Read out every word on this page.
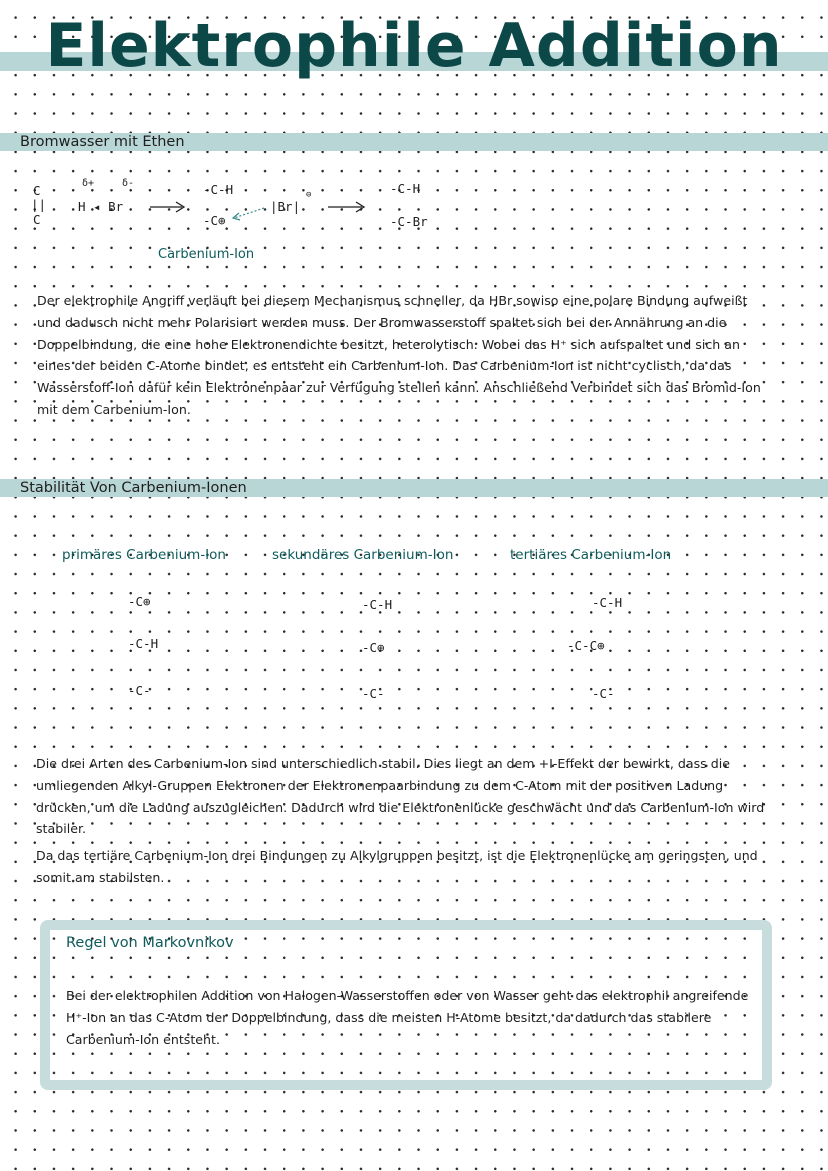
Elektrophile Addition
Bromwasser mit Ethen
C
||
C
δ+	δ-
H ◂ Br
-C-H
-C⊕
|Br|
⊖	-C-H
-C-Br
Carbenium-Ion

Der elektrophile Angriff verläuft bei diesem Mechanismus schneller, da HBr sowiso eine polare Bindung aufweißt und dadusch nicht mehr Polarisiert werden muss. Der Bromwasserstoff spaltet sich bei der Annährung an die Doppelbindung, die eine hohe Elektronendichte besitzt, heterolytisch. Wobei das H⁺ sich aufspaltet und sich an eines der beiden C-Atome bindet, es entsteht ein Carbenium-Ion. Das Carbenium-Ion ist nicht cyclisch, da das Wasserstoff-Ion dafür kein Elektronenpaar zur Verfügung stellen kann. Anschließend Verbindet sich das Bromid-Ion mit dem Carbenium-Ion.

Stabilität Von Carbenium-Ionen
primäres Carbenium-Ion	sekundäres Carbenium-Ion	tertiäres Carbenium-Ion
-C⊕
-C-H
-C-
-C-H
-C⊕
-C-
-C-H
-C-C⊕
-C-

Die drei Arten des Carbenium-Ion sind unterschiedlich stabil. Dies liegt an dem +I-Effekt der bewirkt, dass die umliegenden Alkyl-Gruppen Elektronen der Elektronenpaarbindung zu dem C-Atom mit der positiven Ladung drücken, um die Ladung auszugleichen. Dadurch wird die Elektronenlücke geschwächt und das Carbenium-Ion wird stabiler.

Da das tertiäre Carbenium-Ion drei Bindungen zu Alkylgruppen besitzt, ist die Elektronenlücke am geringsten, und somit am stabilsten.

Regel von Markovnikov

Bei der elektrophilen Addition von Halogen-Wasserstoffen oder von Wasser geht das elektrophil angreifende H⁺-Ion an das C-Atom der Doppelbindung, dass die meisten H-Atome besitzt, da dadurch das stabilere Carbenium-Ion entsteht.
